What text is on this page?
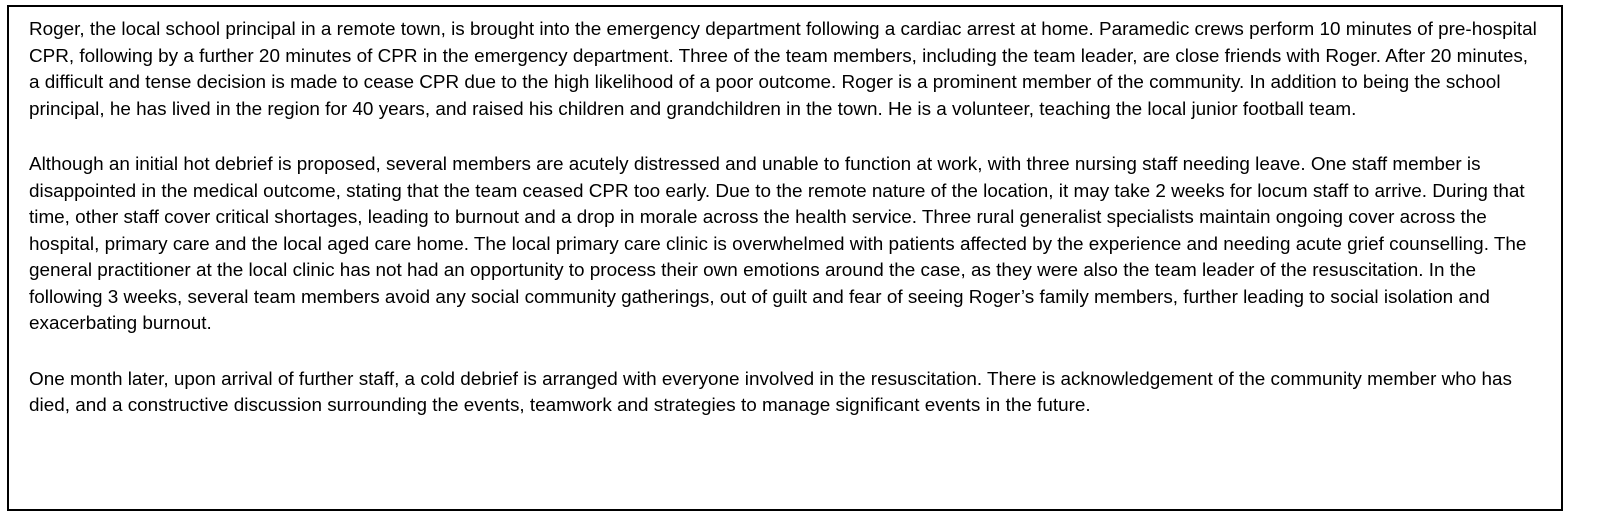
Roger, the local school principal in a remote town, is brought into the emergency department following a cardiac arrest at home. Paramedic crews perform 10 minutes of pre-hospital CPR, following by a further 20 minutes of CPR in the emergency department. Three of the team members, including the team leader, are close friends with Roger. After 20 minutes, a difficult and tense decision is made to cease CPR due to the high likelihood of a poor outcome. Roger is a prominent member of the community. In addition to being the school principal, he has lived in the region for 40 years, and raised his children and grandchildren in the town. He is a volunteer, teaching the local junior football team.

Although an initial hot debrief is proposed, several members are acutely distressed and unable to function at work, with three nursing staff needing leave. One staff member is disappointed in the medical outcome, stating that the team ceased CPR too early. Due to the remote nature of the location, it may take 2 weeks for locum staff to arrive. During that time, other staff cover critical shortages, leading to burnout and a drop in morale across the health service. Three rural generalist specialists maintain ongoing cover across the hospital, primary care and the local aged care home. The local primary care clinic is overwhelmed with patients affected by the experience and needing acute grief counselling. The general practitioner at the local clinic has not had an opportunity to process their own emotions around the case, as they were also the team leader of the resuscitation. In the following 3 weeks, several team members avoid any social community gatherings, out of guilt and fear of seeing Roger’s family members, further leading to social isolation and exacerbating burnout.

One month later, upon arrival of further staff, a cold debrief is arranged with everyone involved in the resuscitation. There is acknowledgement of the community member who has died, and a constructive discussion surrounding the events, teamwork and strategies to manage significant events in the future.
